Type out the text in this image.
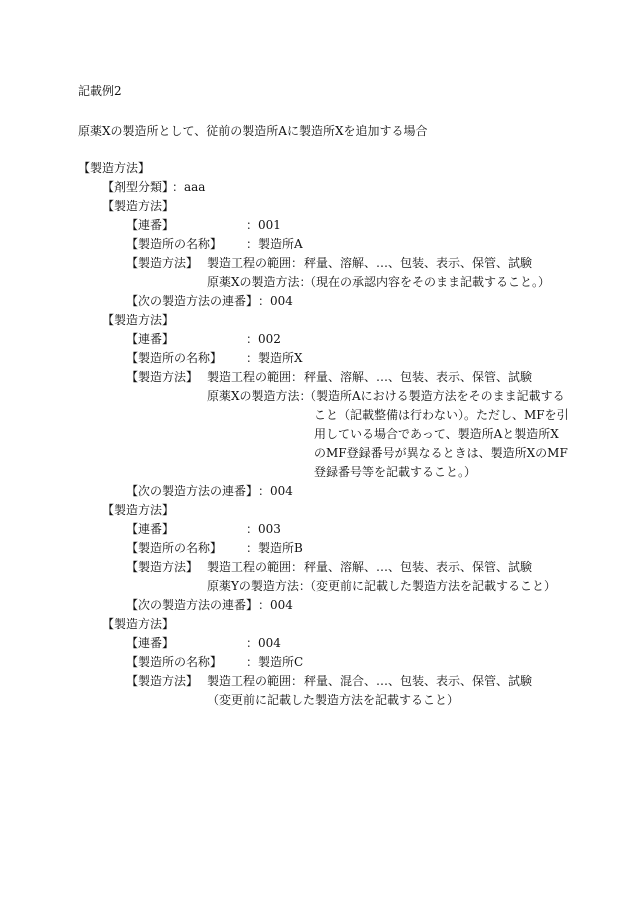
記載例2
原薬Xの製造所として、従前の製造所Aに製造所Xを追加する場合
【製造方法】
【剤型分類】
：aaa
【製造方法】
【連番】	：001
【製造所の名称】 ：製造所A
【製造方法】 製造工程の範囲： 秤量、溶解、…、包装、表示、保管、試験
原薬Xの製造方法：
（現在の承認内容をそのまま記載すること。）
【次の製造方法の連番】 ：004
【製造方法】
【連番】	：002
【製造所の名称】 ：製造所X
【製造方法】 製造工程の範囲： 秤量、溶解、…、包装、表示、保管、試験
原薬Xの製造方法：
（製造所Aにおける製造方法をそのまま記載する
こと（記載整備は行わない）。ただし、MFを引
用している場合であって、製造所Aと製造所X
のMF登録番号が異なるときは、製造所XのMF
登録番号等を記載すること。）
【次の製造方法の連番】 ：004
【製造方法】
【連番】	：003
【製造所の名称】 ：製造所B
【製造方法】 製造工程の範囲： 秤量、溶解、…、包装、表示、保管、試験
原薬Yの製造方法：
（変更前に記載した製造方法を記載すること）
【次の製造方法の連番】 ：004
【製造方法】
【連番】	：004
【製造所の名称】 ：製造所C
【製造方法】 製造工程の範囲： 秤量、混合、…、包装、表示、保管、試験
（変更前に記載した製造方法を記載すること）
